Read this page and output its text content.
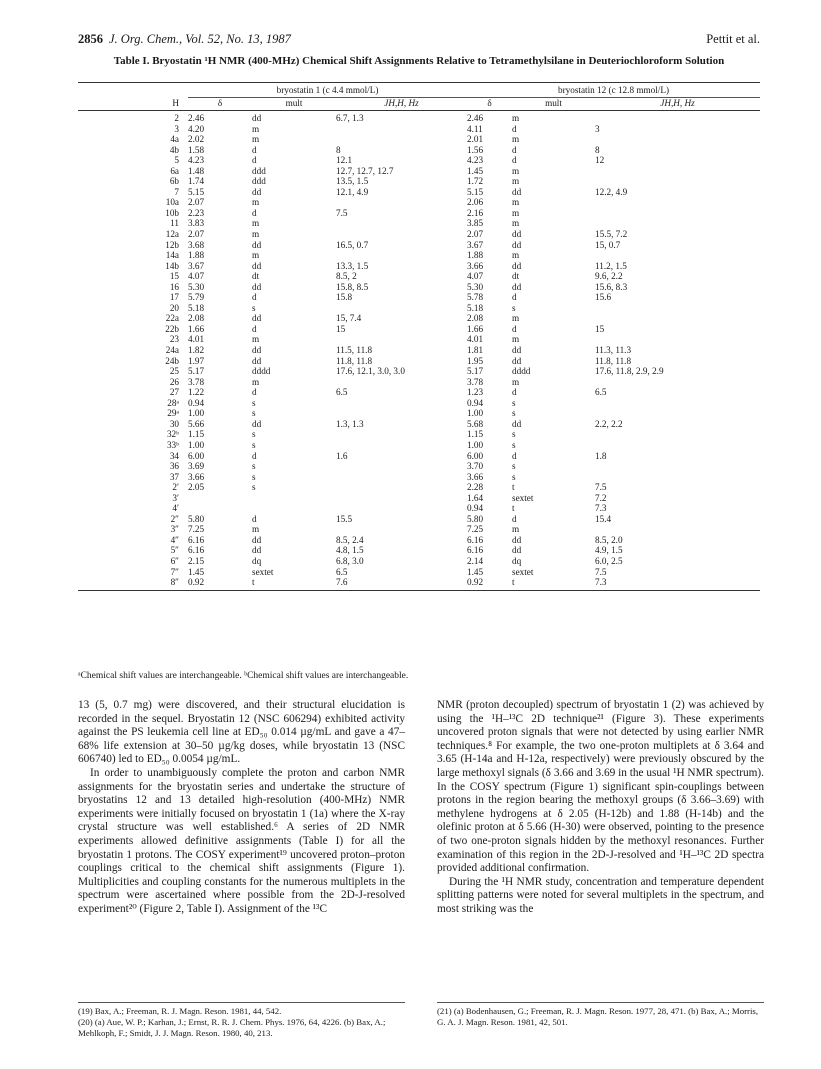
2856 J. Org. Chem., Vol. 52, No. 13, 1987	Pettit et al.
Table I. Bryostatin ¹H NMR (400-MHz) Chemical Shift Assignments Relative to Tetramethylsilane in Deuteriochloroform Solution
	bryostatin 1 (c 4.4 mmol/L)			bryostatin 12 (c 12.8 mmol/L)		
H	δ	mult	JH,H, Hz	δ	mult	JH,H, Hz
2	2.46	dd	6.7, 1.3	2.46	m	
3	4.20	m		4.11	d	3
4a	2.02	m		2.01	m	
4b	1.58	d	8	1.56	d	8
5	4.23	d	12.1	4.23	d	12
6a	1.48	ddd	12.7, 12.7, 12.7	1.45	m	
6b	1.74	ddd	13.5, 1.5	1.72	m	
7	5.15	dd	12.1, 4.9	5.15	dd	12.2, 4.9
10a	2.07	m		2.06	m	
10b	2.23	d	7.5	2.16	m	
11	3.83	m		3.85	m	
12a	2.07	m		2.07	dd	15.5, 7.2
12b	3.68	dd	16.5, 0.7	3.67	dd	15, 0.7
14a	1.88	m		1.88	m	
14b	3.67	dd	13.3, 1.5	3.66	dd	11.2, 1.5
15	4.07	dt	8.5, 2	4.07	dt	9.6, 2.2
16	5.30	dd	15.8, 8.5	5.30	dd	15.6, 8.3
17	5.79	d	15.8	5.78	d	15.6
20	5.18	s		5.18	s	
22a	2.08	dd	15, 7.4	2.08	m	
22b	1.66	d	15	1.66	d	15
23	4.01	m		4.01	m	
24a	1.82	dd	11.5, 11.8	1.81	dd	11.3, 11.3
24b	1.97	dd	11.8, 11.8	1.95	dd	11.8, 11.8
25	5.17	dddd	17.6, 12.1, 3.0, 3.0	5.17	dddd	17.6, 11.8, 2.9, 2.9
26	3.78	m		3.78	m	
27	1.22	d	6.5	1.23	d	6.5
28ᵃ	0.94	s		0.94	s	
29ᵃ	1.00	s		1.00	s	
30	5.66	dd	1.3, 1.3	5.68	dd	2.2, 2.2
32ᵇ	1.15	s		1.15	s	
33ᵇ	1.00	s		1.00	s	
34	6.00	d	1.6	6.00	d	1.8
36	3.69	s		3.70	s	
37	3.66	s		3.66	s	
2′	2.05	s		2.28	t	7.5
3′				1.64	sextet	7.2
4′				0.94	t	7.3
2″	5.80	d	15.5	5.80	d	15.4
3″	7.25	m		7.25	m	
4″	6.16	dd	8.5, 2.4	6.16	dd	8.5, 2.0
5″	6.16	dd	4.8, 1.5	6.16	dd	4.9, 1.5
6″	2.15	dq	6.8, 3.0	2.14	dq	6.0, 2.5
7″	1.45	sextet	6.5	1.45	sextet	7.5
8″	0.92	t	7.6	0.92	t	7.3
ᵃChemical shift values are interchangeable. ᵇChemical shift values are interchangeable.

13 (5, 0.7 mg) were discovered, and their structural elucidation is recorded in the sequel. Bryostatin 12 (NSC 606294) exhibited activity against the PS leukemia cell line at ED₅₀ 0.014 µg/mL and gave a 47–68% life extension at 30–50 µg/kg doses, while bryostatin 13 (NSC 606740) led to ED₅₀ 0.0054 µg/mL.

In order to unambiguously complete the proton and carbon NMR assignments for the bryostatin series and undertake the structure of bryostatins 12 and 13 detailed high-resolution (400-MHz) NMR experiments were initially focused on bryostatin 1 (1a) where the X-ray crystal structure was well established.⁶ A series of 2D NMR experiments allowed definitive assignments (Table I) for all the bryostatin 1 protons. The COSY experiment¹⁹ uncovered proton–proton couplings critical to the chemical shift assignments (Figure 1). Multiplicities and coupling constants for the numerous multiplets in the spectrum were ascertained where possible from the 2D-J-resolved experiment²⁰ (Figure 2, Table I). Assignment of the ¹³C

NMR (proton decoupled) spectrum of bryostatin 1 (2) was achieved by using the ¹H–¹³C 2D technique²¹ (Figure 3). These experiments uncovered proton signals that were not detected by using earlier NMR techniques.⁸ For example, the two one-proton multiplets at δ 3.64 and 3.65 (H-14a and H-12a, respectively) were previously obscured by the large methoxyl signals (δ 3.66 and 3.69 in the usual ¹H NMR spectrum). In the COSY spectrum (Figure 1) significant spin-couplings between protons in the region bearing the methoxyl groups (δ 3.66–3.69) with methylene hydrogens at δ 2.05 (H-12b) and 1.88 (H-14b) and the olefinic proton at δ 5.66 (H-30) were observed, pointing to the presence of two one-proton signals hidden by the methoxyl resonances. Further examination of this region in the 2D-J-resolved and ¹H–¹³C 2D spectra provided additional confirmation.

During the ¹H NMR study, concentration and temperature dependent splitting patterns were noted for several multiplets in the spectrum, and most striking was the

(19) Bax, A.; Freeman, R. J. Magn. Reson. 1981, 44, 542.
(20) (a) Aue, W. P.; Karhan, J.; Ernst, R. R. J. Chem. Phys. 1976, 64, 4226. (b) Bax, A.; Mehlkoph, F.; Smidt, J. J. Magn. Reson. 1980, 40, 213.
(21) (a) Bodenhausen, G.; Freeman, R. J. Magn. Reson. 1977, 28, 471. (b) Bax, A.; Morris, G. A. J. Magn. Reson. 1981, 42, 501.
